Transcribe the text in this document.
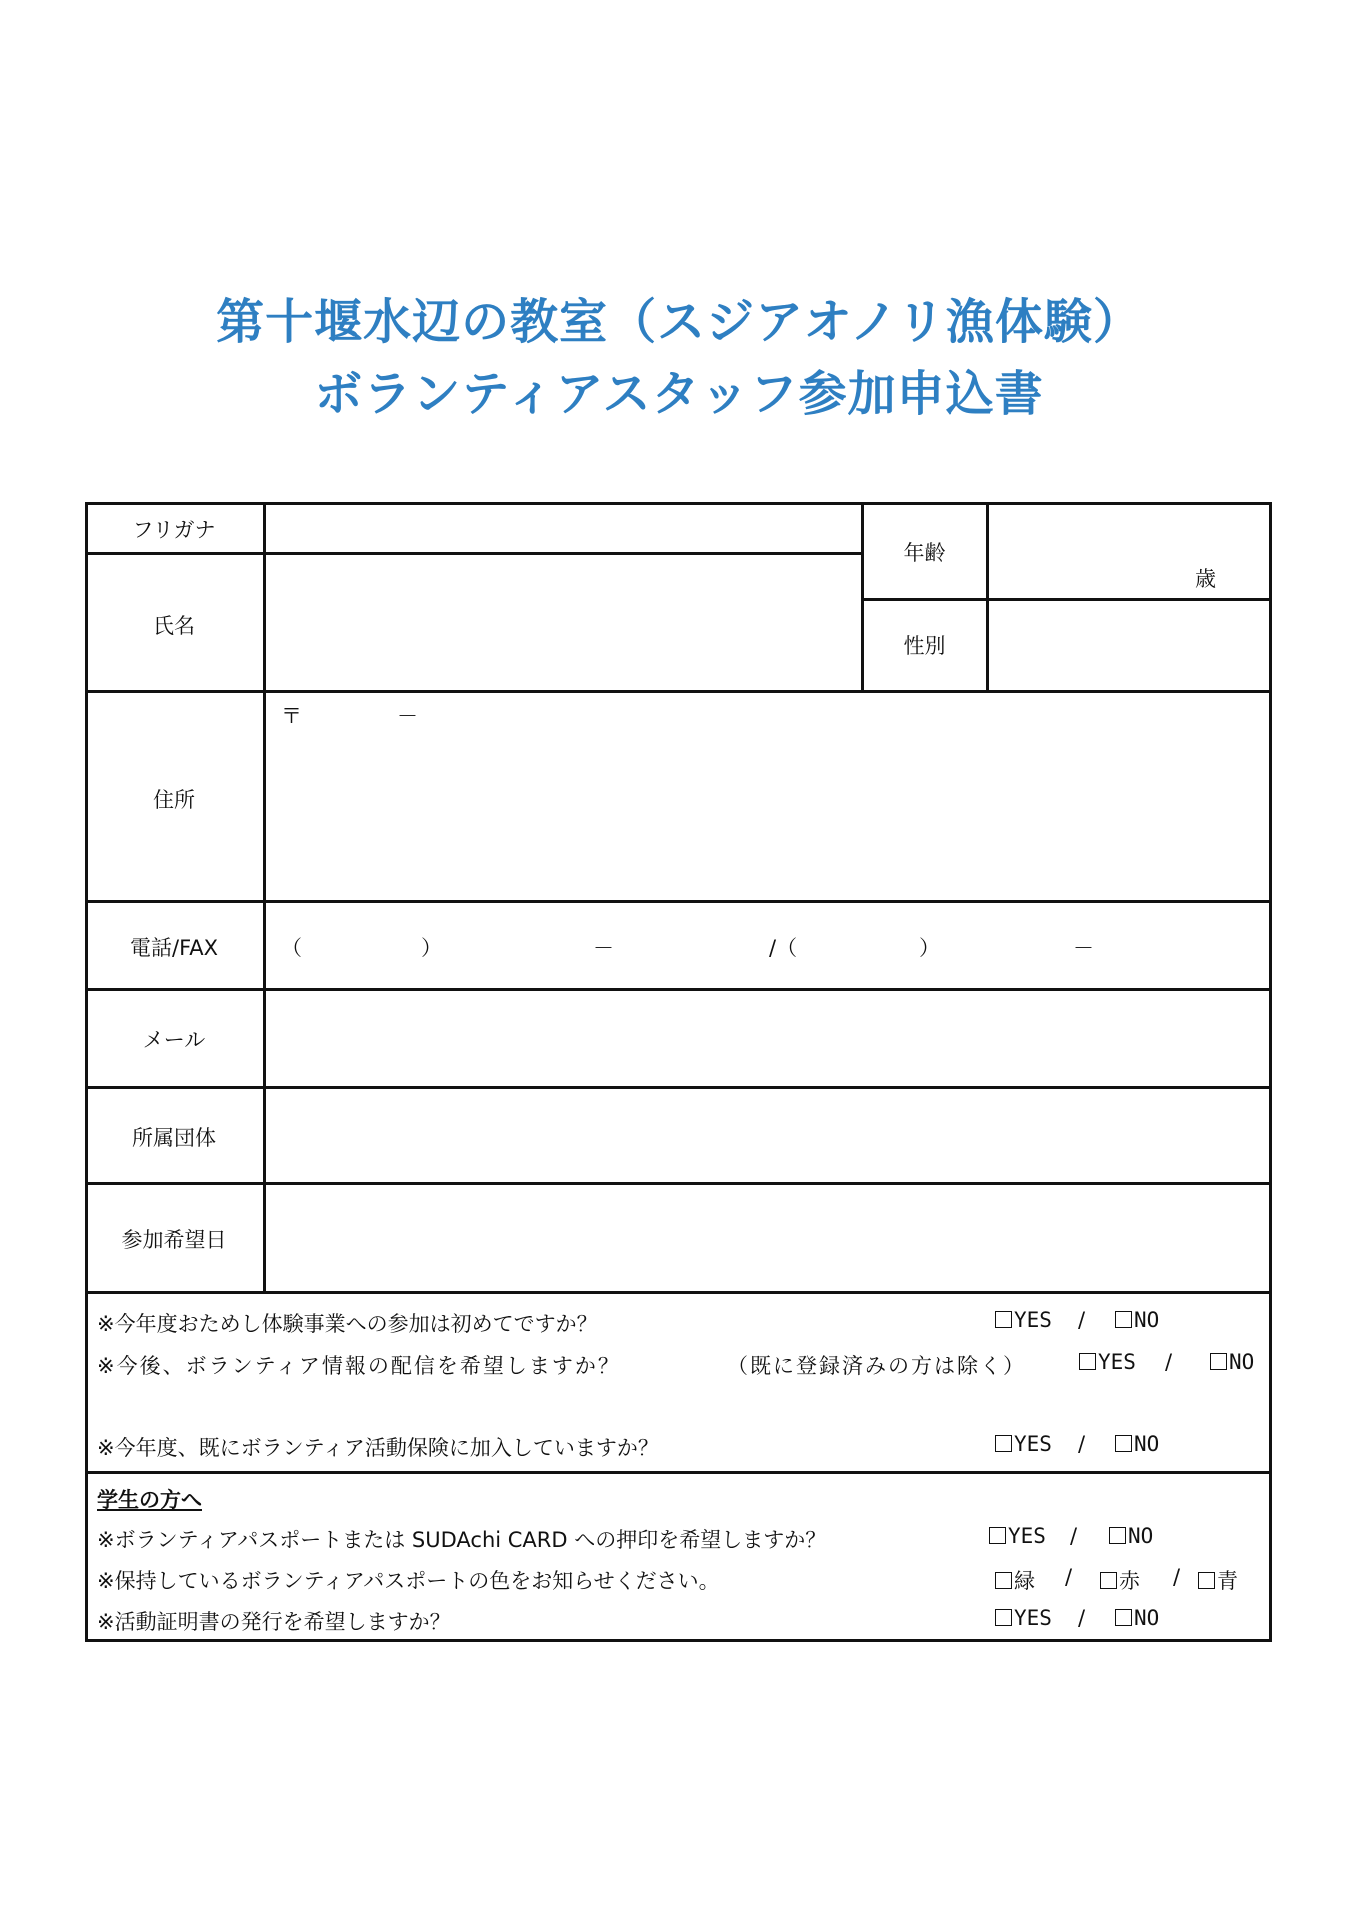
第十堰水辺の教室（スジアオノリ漁体験）
ボランティアスタッフ参加申込書
フリガナ
氏名
年齢
歳
性別
住所
〒	－
電話/FAX	（	）	－	/（	）	－
メール
所属団体
参加希望日
※今年度おためし体験事業への参加は初めてですか？	YES /	NO
※今後、ボランティア情報の配信を希望しますか？	（既に登録済みの方は除く）	YES /	NO
※今年度、既にボランティア活動保険に加入していますか？	YES /	NO
学生の方へ
※ボランティアパスポートまたは SUDAchi CARD への押印を希望しますか？	YES /	NO
※保持しているボランティアパスポートの色をお知らせください。	緑 /	赤 /	青
※活動証明書の発行を希望しますか？	YES /	NO
